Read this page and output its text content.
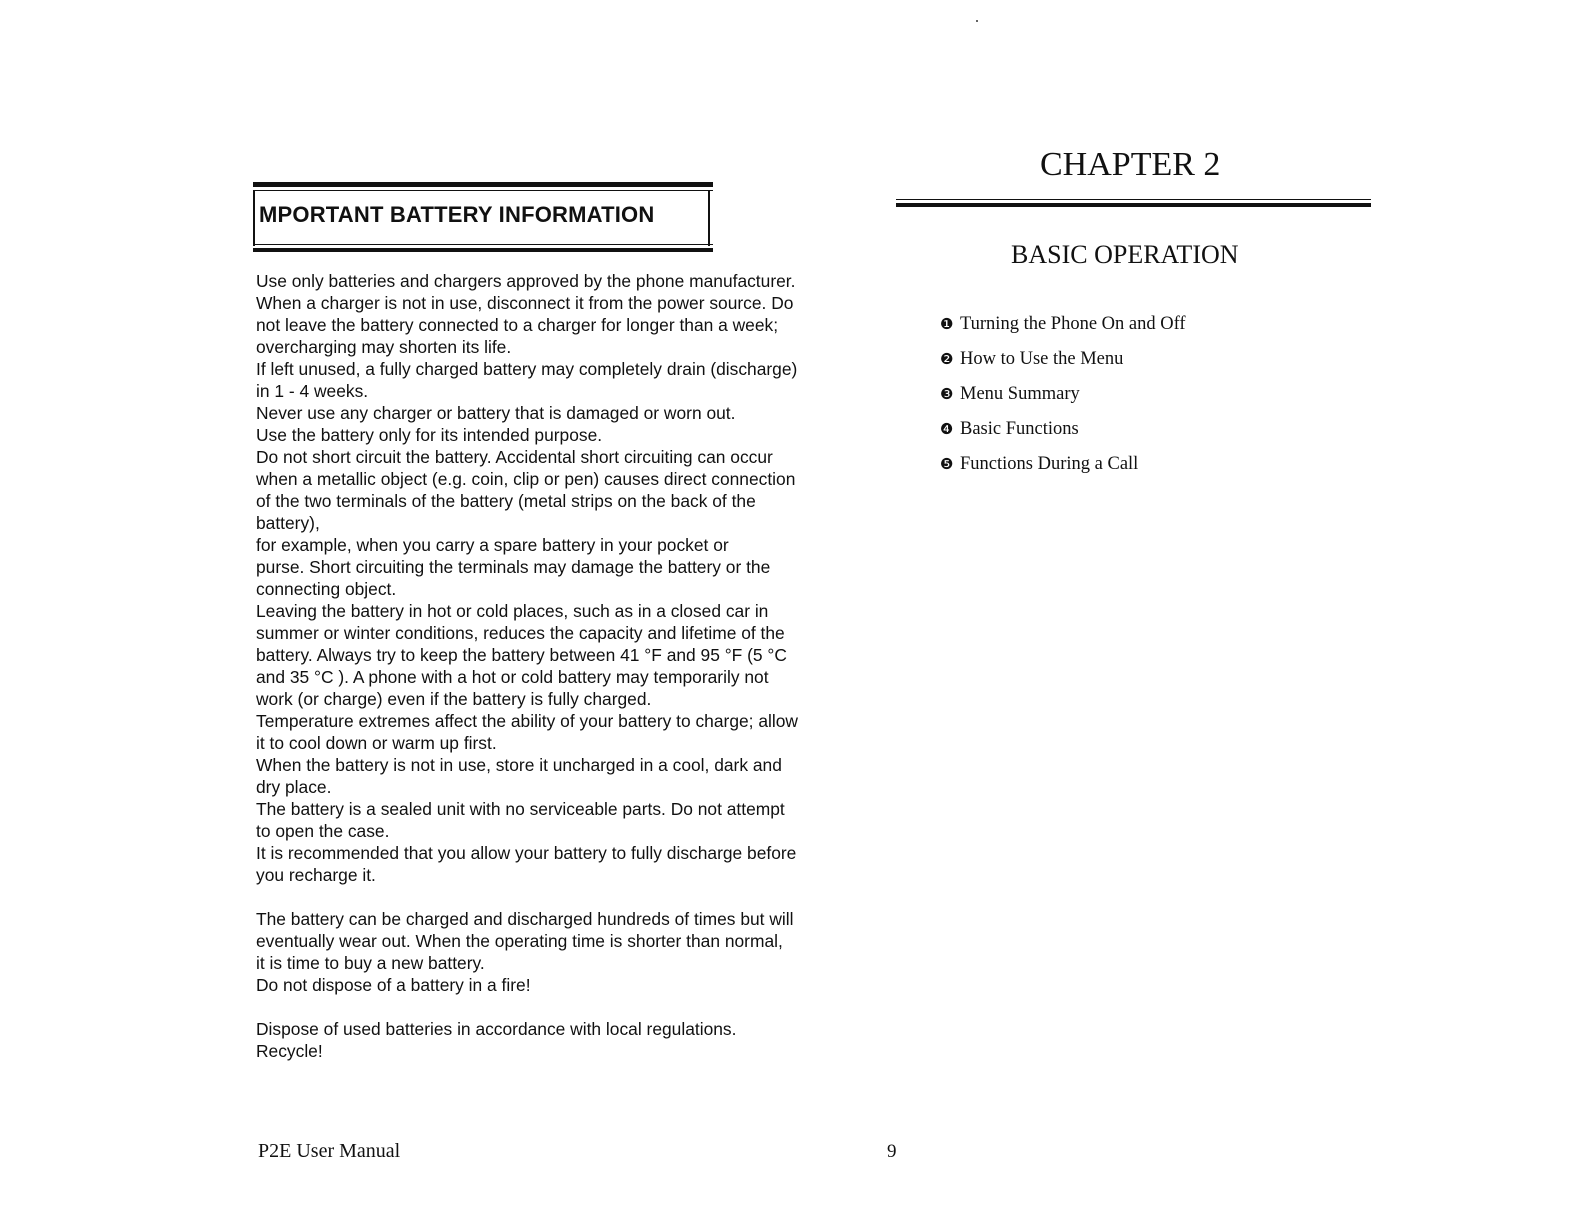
MPORTANT BATTERY INFORMATION

Use only batteries and chargers approved by the phone manufacturer.
When a charger is not in use, disconnect it from the power source. Do
not leave the battery connected to a charger for longer than a week;
overcharging may shorten its life.

If left unused, a fully charged battery may completely drain (discharge)
in 1 - 4 weeks.

Never use any charger or battery that is damaged or worn out.

Use the battery only for its intended purpose.

Do not short circuit the battery. Accidental short circuiting can occur
when a metallic object (e.g. coin, clip or pen) causes direct connection
of the two terminals of the battery (metal strips on the back of the
battery),

for example, when you carry a spare battery in your pocket or
purse. Short circuiting the terminals may damage the battery or the
connecting object.

Leaving the battery in hot or cold places, such as in a closed car in
summer or winter conditions, reduces the capacity and lifetime of the
battery. Always try to keep the battery between 41 °F and 95 °F (5 °C
and 35 °C ). A phone with a hot or cold battery may temporarily not
work (or charge) even if the battery is fully charged.

Temperature extremes affect the ability of your battery to charge; allow
it to cool down or warm up first.

When the battery is not in use, store it uncharged in a cool, dark and
dry place.

The battery is a sealed unit with no serviceable parts. Do not attempt
to open the case.

It is recommended that you allow your battery to fully discharge before
you recharge it.

The battery can be charged and discharged hundreds of times but will
eventually wear out. When the operating time is shorter than normal,
it is time to buy a new battery.

Do not dispose of a battery in a fire!

Dispose of used batteries in accordance with local regulations.
Recycle!

CHAPTER 2
BASIC OPERATION
❶ Turning the Phone On and Off
❷ How to Use the Menu
❸ Menu Summary
❹ Basic Functions
❺ Functions During a Call
P2E User Manual	9
